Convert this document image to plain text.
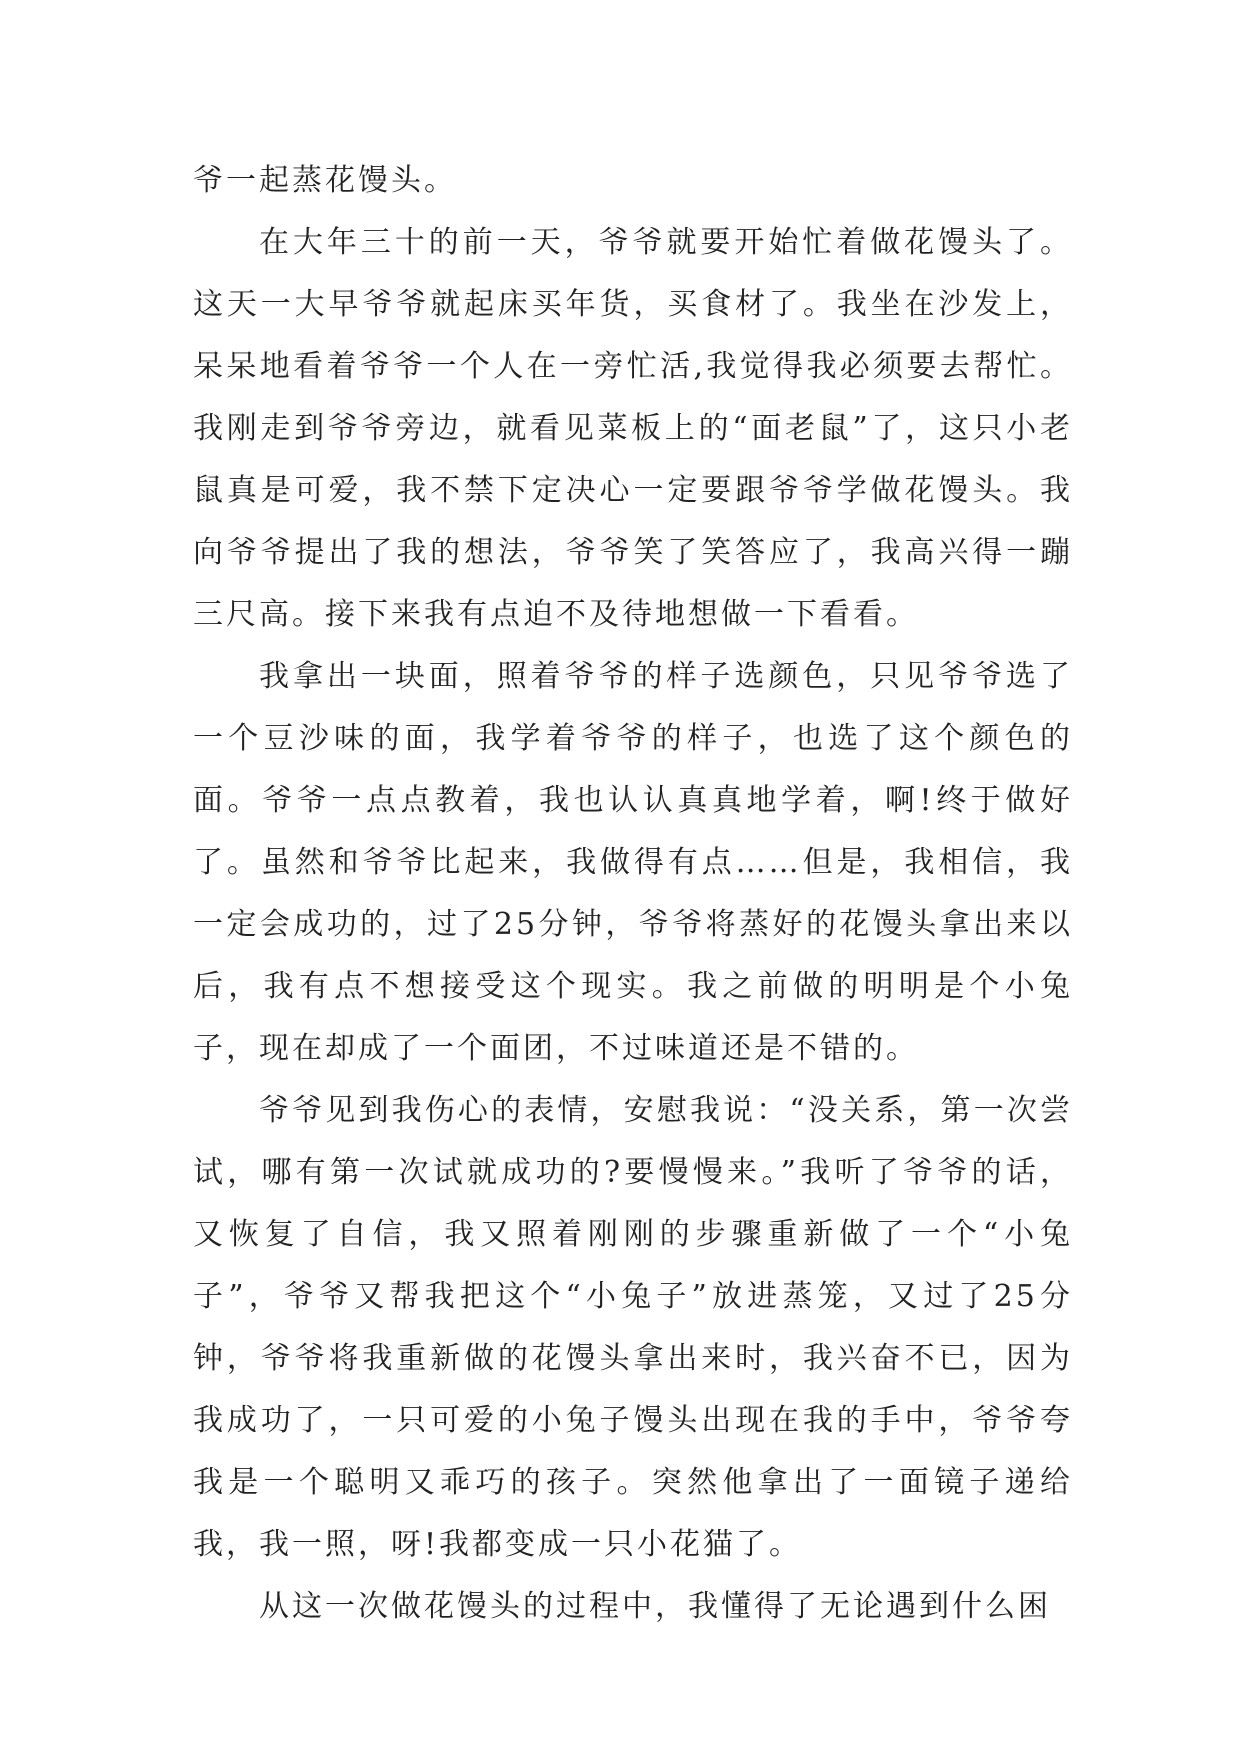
爷一起蒸花馒头。

在大年三十的前一天，爷爷就要开始忙着做花馒头了。这天一大早爷爷就起床买年货，买食材了。我坐在沙发上，呆呆地看着爷爷一个人在一旁忙活,我觉得我必须要去帮忙。我刚走到爷爷旁边，就看见菜板上的“面老鼠”了，这只小老鼠真是可爱，我不禁下定决心一定要跟爷爷学做花馒头。我向爷爷提出了我的想法，爷爷笑了笑答应了，我高兴得一蹦三尺高。接下来我有点迫不及待地想做一下看看。

我拿出一块面，照着爷爷的样子选颜色，只见爷爷选了一个豆沙味的面，我学着爷爷的样子，也选了这个颜色的面。爷爷一点点教着，我也认认真真地学着，啊!终于做好了。虽然和爷爷比起来，我做得有点……但是，我相信，我一定会成功的，过了25分钟，爷爷将蒸好的花馒头拿出来以后，我有点不想接受这个现实。我之前做的明明是个小兔子，现在却成了一个面团，不过味道还是不错的。

爷爷见到我伤心的表情，安慰我说：“没关系，第一次尝试，哪有第一次试就成功的?要慢慢来。”我听了爷爷的话，又恢复了自信，我又照着刚刚的步骤重新做了一个“小兔子”，爷爷又帮我把这个“小兔子”放进蒸笼，又过了25分钟，爷爷将我重新做的花馒头拿出来时，我兴奋不已，因为我成功了，一只可爱的小兔子馒头出现在我的手中，爷爷夸我是一个聪明又乖巧的孩子。突然他拿出了一面镜子递给我，我一照，呀!我都变成一只小花猫了。

从这一次做花馒头的过程中，我懂得了无论遇到什么困
